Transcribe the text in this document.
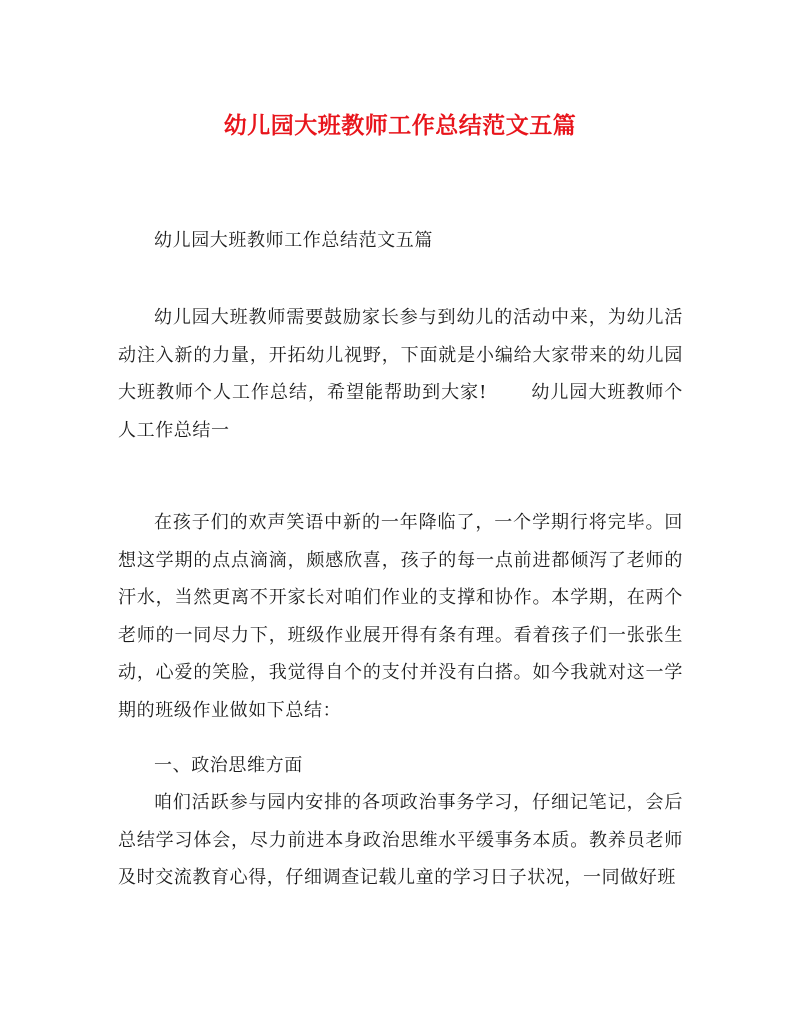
幼儿园大班教师工作总结范文五篇

幼儿园大班教师工作总结范文五篇

幼儿园大班教师需要鼓励家长参与到幼儿的活动中来，为幼儿活动注入新的力量，开拓幼儿视野，下面就是小编给大家带来的幼儿园大班教师个人工作总结，希望能帮助到大家! 幼儿园大班教师个人工作总结一

在孩子们的欢声笑语中新的一年降临了，一个学期行将完毕。回想这学期的点点滴滴，颇感欣喜，孩子的每一点前进都倾泻了老师的汗水，当然更离不开家长对咱们作业的支撑和协作。本学期，在两个老师的一同尽力下，班级作业展开得有条有理。看着孩子们一张张生动，心爱的笑脸，我觉得自个的支付并没有白搭。如今我就对这一学期的班级作业做如下总结：

一、政治思维方面

咱们活跃参与园内安排的各项政治事务学习，仔细记笔记，会后总结学习体会，尽力前进本身政治思维水平缓事务本质。教养员老师及时交流教育心得，仔细调查记载儿童的学习日子状况，一同做好班
